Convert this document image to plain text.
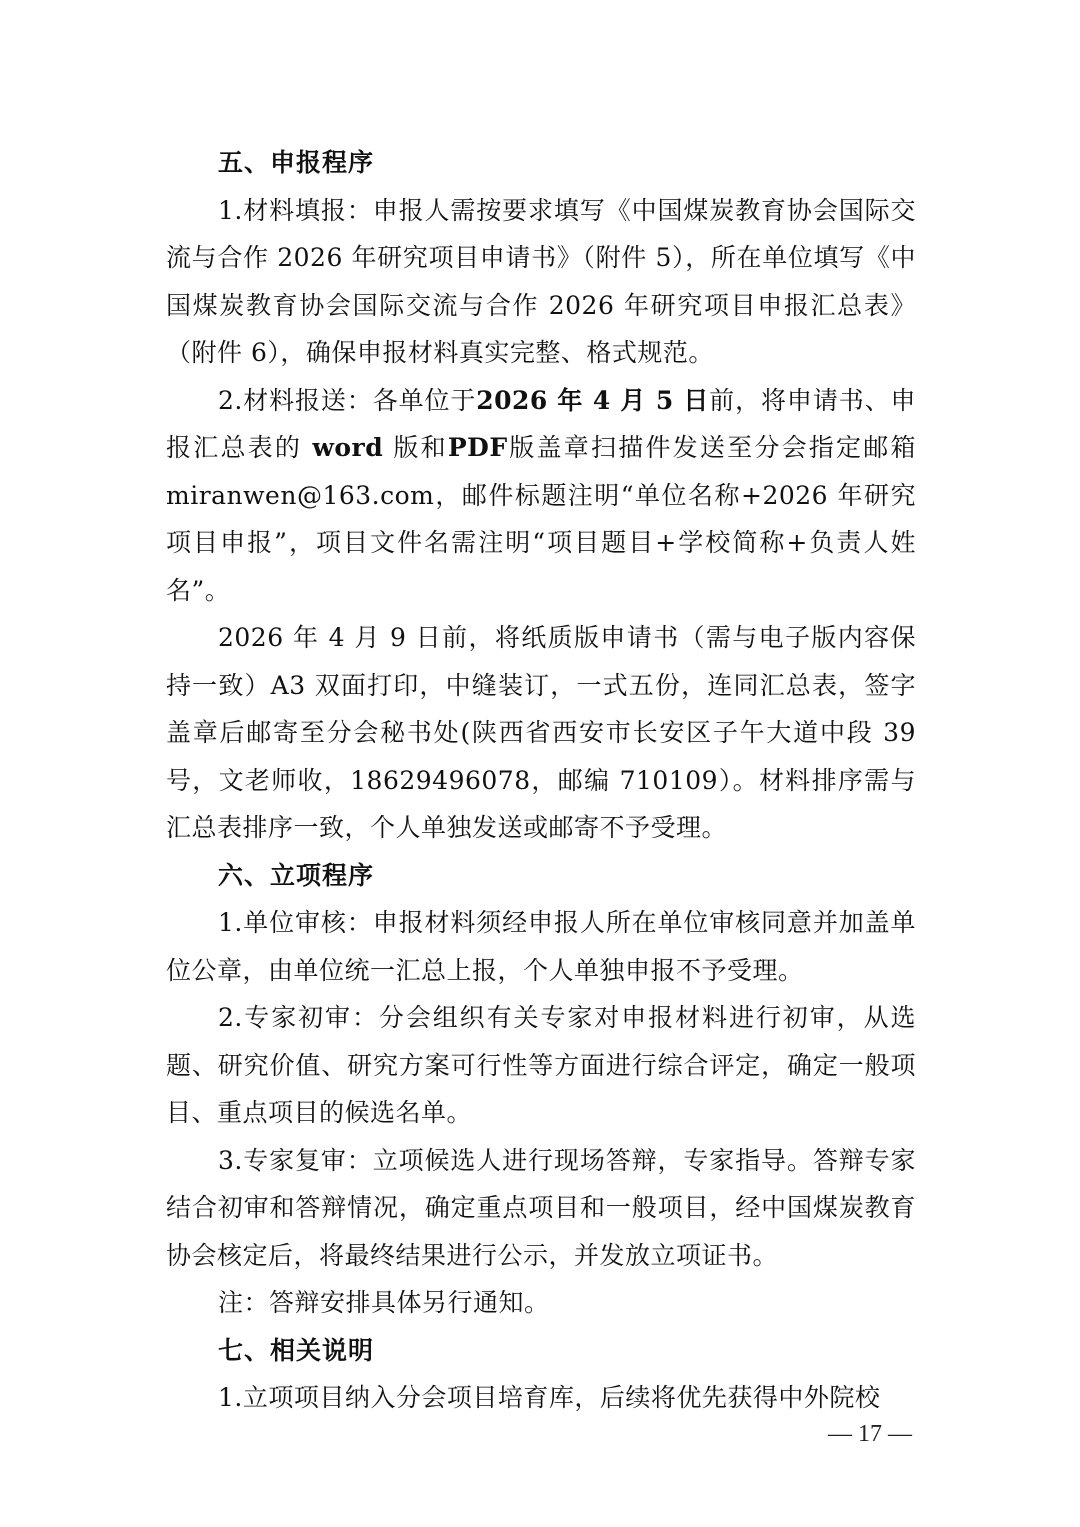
五、申报程序

1.材料填报：申报人需按要求填写《中国煤炭教育协会国际交流与合作 2026 年研究项目申请书》（附件 5），所在单位填写《中国煤炭教育协会国际交流与合作 2026 年研究项目申报汇总表》（附件 6），确保申报材料真实完整、格式规范。

2.材料报送：各单位于2026 年 4 月 5 日前，将申请书、申报汇总表的 word 版和PDF版盖章扫描件发送至分会指定邮箱 miranwen@163.com，邮件标题注明“单位名称+2026 年研究项目申报”，项目文件名需注明“项目题目+学校简称+负责人姓名”。

2026 年 4 月 9 日前，将纸质版申请书（需与电子版内容保持一致）A3 双面打印，中缝装订，一式五份，连同汇总表，签字盖章后邮寄至分会秘书处(陕西省西安市长安区子午大道中段 39 号，文老师收，18629496078，邮编 710109）。材料排序需与汇总表排序一致，个人单独发送或邮寄不予受理。

六、立项程序

1.单位审核：申报材料须经申报人所在单位审核同意并加盖单位公章，由单位统一汇总上报，个人单独申报不予受理。

2.专家初审：分会组织有关专家对申报材料进行初审，从选题、研究价值、研究方案可行性等方面进行综合评定，确定一般项目、重点项目的候选名单。

3.专家复审：立项候选人进行现场答辩，专家指导。答辩专家结合初审和答辩情况，确定重点项目和一般项目，经中国煤炭教育协会核定后，将最终结果进行公示，并发放立项证书。

注：答辩安排具体另行通知。

七、相关说明

1.立项项目纳入分会项目培育库，后续将优先获得中外院校

— 17 —
